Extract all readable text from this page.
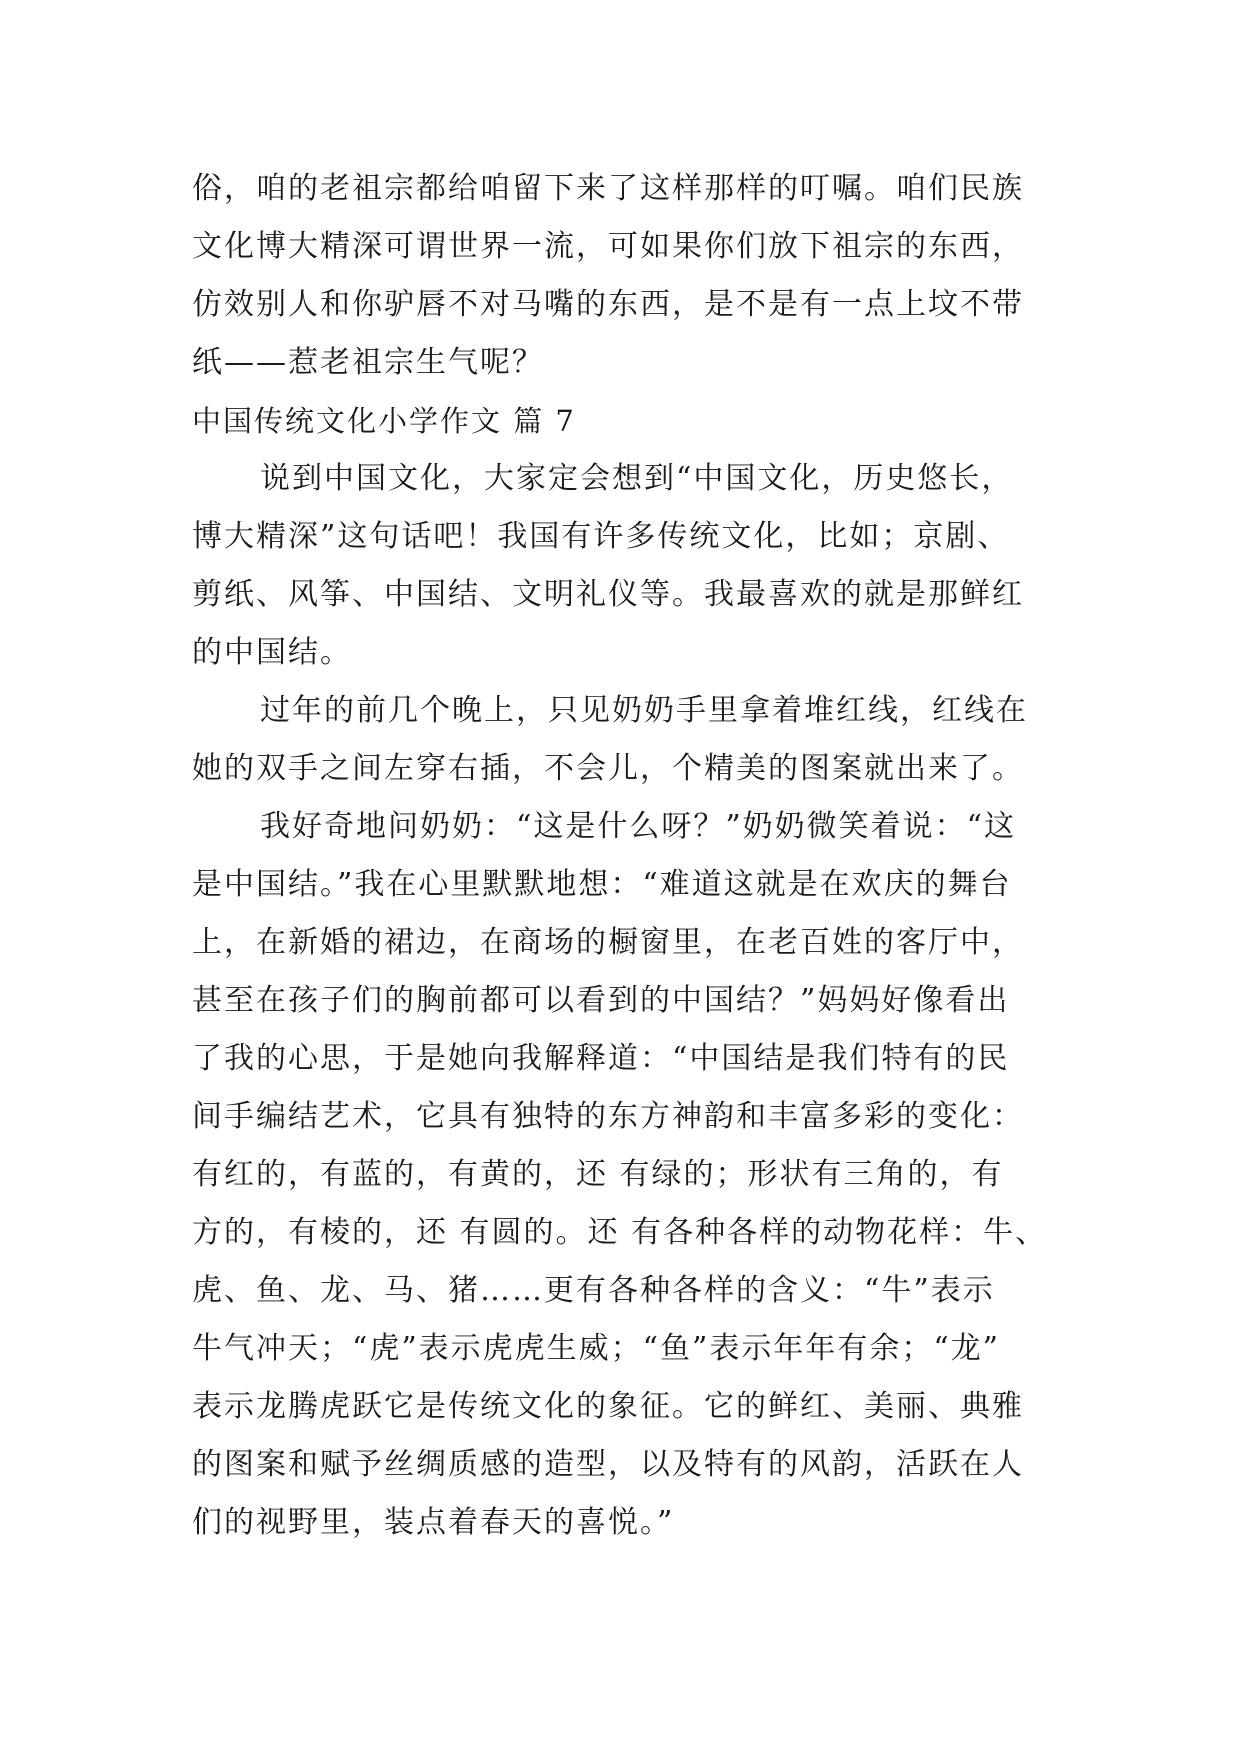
俗，咱的老祖宗都给咱留下来了这样那样的叮嘱。咱们民族
文化博大精深可谓世界一流，可如果你们放下祖宗的东西，
仿效别人和你驴唇不对马嘴的东西，是不是有一点上坟不带
纸——惹老祖宗生气呢？
中国传统文化小学作文 篇 7
说到中国文化，大家定会想到“中国文化，历史悠长，
博大精深”这句话吧！我国有许多传统文化，比如；京剧、
剪纸、风筝、中国结、文明礼仪等。我最喜欢的就是那鲜红
的中国结。
过年的前几个晚上，只见奶奶手里拿着堆红线，红线在
她的双手之间左穿右插，不会儿，个精美的图案就出来了。
我好奇地问奶奶：“这是什么呀？”奶奶微笑着说：“这
是中国结。”我在心里默默地想：“难道这就是在欢庆的舞台
上，在新婚的裙边，在商场的橱窗里，在老百姓的客厅中，
甚至在孩子们的胸前都可以看到的中国结？”妈妈好像看出
了我的心思，于是她向我解释道：“中国结是我们特有的民
间手编结艺术，它具有独特的东方神韵和丰富多彩的变化：
有红的，有蓝的，有黄的，还 有绿的；形状有三角的，有
方的，有棱的，还 有圆的。还 有各种各样的动物花样：牛、
虎、鱼、龙、马、猪……更有各种各样的含义：“牛”表示
牛气冲天；“虎”表示虎虎生威；“鱼”表示年年有余；“龙”
表示龙腾虎跃它是传统文化的象征。它的鲜红、美丽、典雅
的图案和赋予丝绸质感的造型，以及特有的风韵，活跃在人
们的视野里，装点着春天的喜悦。”
